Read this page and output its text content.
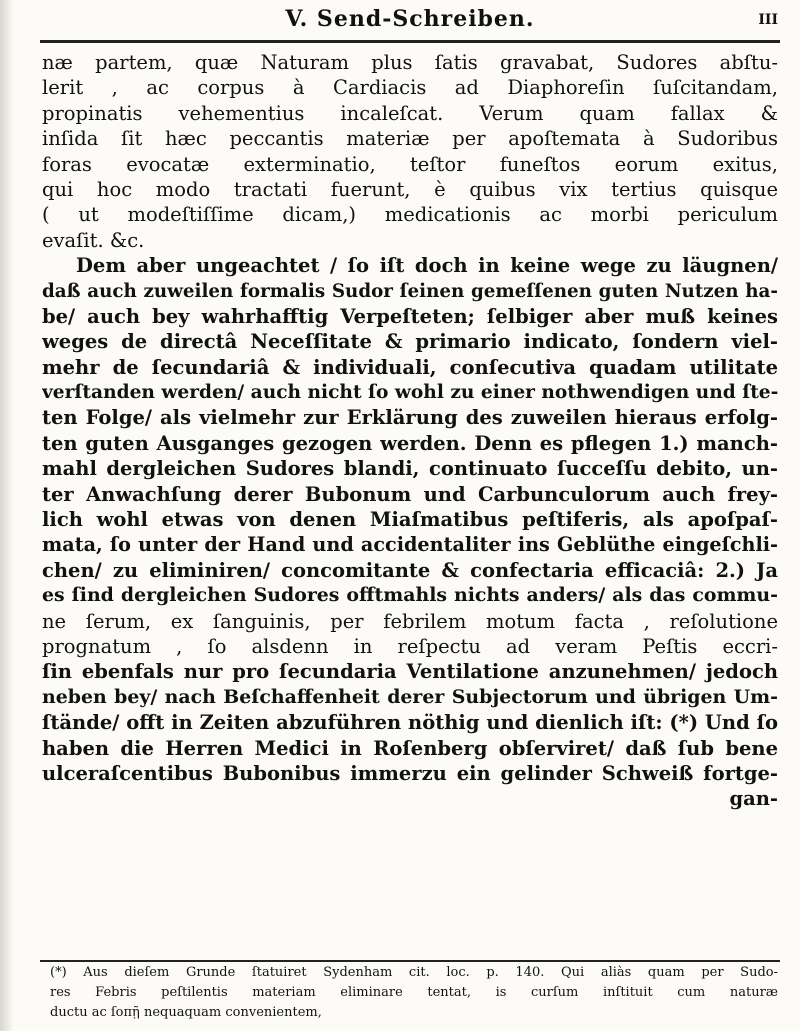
V. Send-Schreiben.	III
næ partem, quæ Naturam plus ſatis gravabat, Sudores abſtu-
lerit , ac corpus à Cardiacis ad Diaphoreſin ſuſcitandam,
propinatis vehementius incaleſcat. Verum quam fallax &
inſida ſit hæc peccantis materiæ per apoſtemata à Sudoribus
foras evocatæ exterminatio, teſtor funeſtos eorum exitus,
qui hoc modo tractati fuerunt, è quibus vix tertius quisque
( ut modeſtiſſime dicam,) medicationis ac morbi periculum
evaſit. &c.
Dem aber ungeachtet / ſo iſt doch in keine wege zu läugnen/
daß auch zuweilen formalis Sudor ſeinen gemeſſenen guten Nutzen ha-
be/ auch bey wahrhafftig Verpeſteten; ſelbiger aber muß keines
weges de directâ Neceſſitate & primario indicato, ſondern viel-
mehr de ſecundariâ & individuali, conſecutiva quadam utilitate
verſtanden werden/ auch nicht ſo wohl zu einer nothwendigen und ſte-
ten Folge/ als vielmehr zur Erklärung des zuweilen hieraus erfolg-
ten guten Ausganges gezogen werden. Denn es pflegen 1.) manch-
mahl dergleichen Sudores blandi, continuato ſucceſſu debito, un-
ter Anwachſung derer Bubonum und Carbunculorum auch frey-
lich wohl etwas von denen Miaſmatibus peſtiferis, als apoſpaſ-
mata, ſo unter der Hand und accidentaliter ins Geblüthe eingeſchli-
chen/ zu eliminiren/ concomitante & confectaria efficaciâ: 2.) Ja
es ſind dergleichen Sudores offtmahls nichts anders/ als das commu-
ne ſerum, ex ſanguinis, per febrilem motum facta , reſolutione
prognatum , ſo alsdenn in reſpectu ad veram Peſtis eccri-
ſin ebenfals nur pro ſecundaria Ventilatione anzunehmen/ jedoch
neben bey/ nach Beſchaffenheit derer Subjectorum und übrigen Um-
ſtände/ offt in Zeiten abzuführen nöthig und dienlich iſt: (*) Und ſo
haben die Herren Medici in Roſenberg obſerviret/ daß ſub bene
ulceraſcentibus Bubonibus immerzu ein gelinder Schweiß fortge-
gan-
(*) Aus dieſem Grunde ſtatuiret Sydenham cit. loc. p. 140. Qui aliàs quam per Sudo-
res Febris peſtilentis materiam eliminare tentat, is curſum inſtituit cum naturæ
ductu ac ſοπῇ nequaquam convenientem,
